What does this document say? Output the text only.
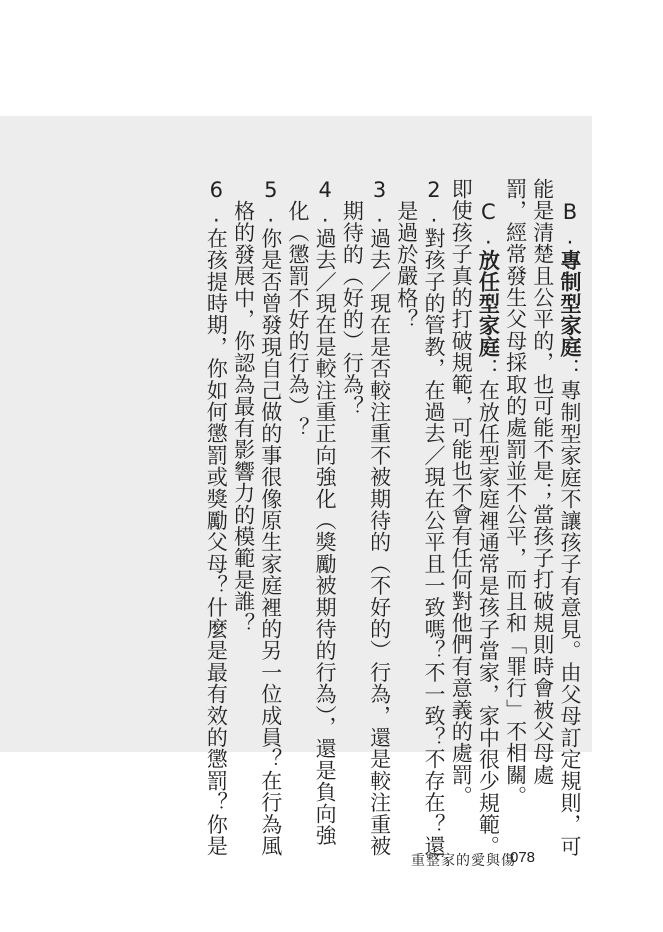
B.專制型家庭：專制型家庭不讓孩子有意見。由父母訂定規則，可
能是清楚且公平的，也可能不是；當孩子打破規則時會被父母處
罰，經常發生父母採取的處罰並不公平，而且和「罪行」不相關。
C.放任型家庭：在放任型家庭裡通常是孩子當家，家中很少規範。
即使孩子真的打破規範，可能也不會有任何對他們有意義的處罰。
2.對孩子的管教，在過去／現在公平且一致嗎？不一致？不存在？還
是過於嚴格？
3.過去／現在是否較注重不被期待的（不好的）行為，還是較注重被
期待的（好的）行為？
4.過去／現在是較注重正向強化（獎勵被期待的行為），還是負向強
化（懲罰不好的行為）？
5.你是否曾發現自己做的事很像原生家庭裡的另一位成員？在行為風
格的發展中，你認為最有影響力的模範是誰？
6.在孩提時期，你如何懲罰或獎勵父母？什麼是最有效的懲罰？你是
重整家的愛與傷
078
